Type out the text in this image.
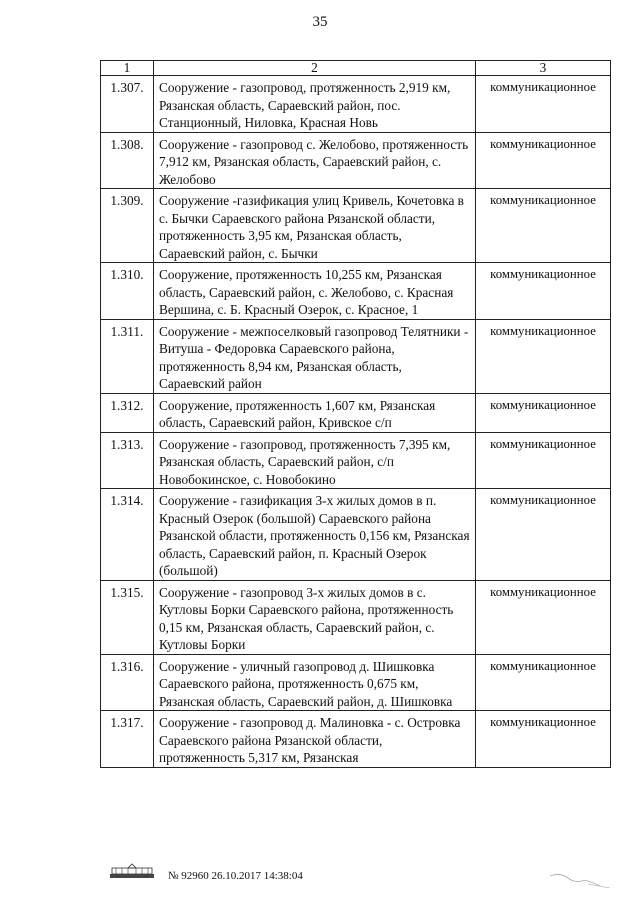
35
1	2	3
1.307.	Сооружение - газопровод, протяженность 2,919 км, Рязанская область, Сараевский район, пос. Станционный, Ниловка, Красная Новь	коммуникационное
1.308.	Сооружение - газопровод с. Желобово, протяженность 7,912 км, Рязанская область, Сараевский район, с. Желобово	коммуникационное
1.309.	Сооружение -газификация улиц Кривель, Кочетовка в с. Бычки Сараевского района Рязанской области, протяженность 3,95 км, Рязанская область, Сараевский район, с. Бычки	коммуникационное
1.310.	Сооружение, протяженность 10,255 км, Рязанская область, Сараевский район, с. Желобово, с. Красная Вершина, с. Б. Красный Озерок, с. Красное, 1	коммуникационное
1.311.	Сооружение - межпоселковый газопровод Телятники - Витуша - Федоровка Сараевского района, протяженность 8,94 км, Рязанская область, Сараевский район	коммуникационное
1.312.	Сооружение, протяженность 1,607 км, Рязанская область, Сараевский район, Кривское с/п	коммуникационное
1.313.	Сооружение - газопровод, протяженность 7,395 км, Рязанская область, Сараевский район, с/п Новобокинское, с. Новобокино	коммуникационное
1.314.	Сооружение - газификация 3-х жилых домов в п. Красный Озерок (большой) Сараевского района Рязанской области, протяженность 0,156 км, Рязанская область, Сараевский район, п. Красный Озерок (большой)	коммуникационное
1.315.	Сооружение - газопровод 3-х жилых домов в с. Кутловы Борки Сараевского района, протяженность 0,15 км, Рязанская область, Сараевский район, с. Кутловы Борки	коммуникационное
1.316.	Сооружение - уличный газопровод д. Шишковка Сараевского района, протяженность 0,675 км, Рязанская область, Сараевский район, д. Шишковка	коммуникационное
1.317.	Сооружение - газопровод д. Малиновка - с. Островка Сараевского района Рязанской области, протяженность 5,317 км, Рязанская	коммуникационное
№ 92960 26.10.2017 14:38:04
